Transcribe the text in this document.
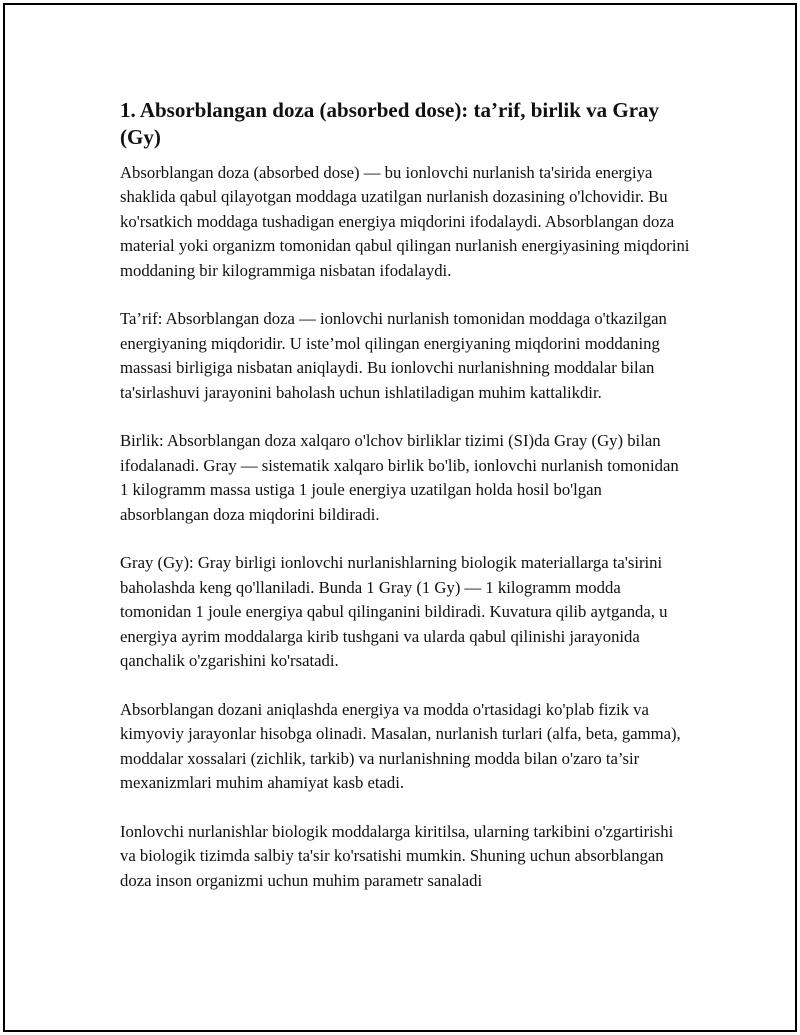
1. Absorblangan doza (absorbed dose): ta’rif, birlik va Gray (Gy)

Absorblangan doza (absorbed dose) — bu ionlovchi nurlanish ta'sirida energiya shaklida qabul qilayotgan moddaga uzatilgan nurlanish dozasining o'lchovidir. Bu ko'rsatkich moddaga tushadigan energiya miqdorini ifodalaydi. Absorblangan doza material yoki organizm tomonidan qabul qilingan nurlanish energiyasining miqdorini moddaning bir kilogrammiga nisbatan ifodalaydi.

Ta’rif: Absorblangan doza — ionlovchi nurlanish tomonidan moddaga o'tkazilgan energiyaning miqdoridir. U iste’mol qilingan energiyaning miqdorini moddaning massasi birligiga nisbatan aniqlaydi. Bu ionlovchi nurlanishning moddalar bilan ta'sirlashuvi jarayonini baholash uchun ishlatiladigan muhim kattalikdir.

Birlik: Absorblangan doza xalqaro o'lchov birliklar tizimi (SI)da Gray (Gy) bilan ifodalanadi. Gray — sistematik xalqaro birlik bo'lib, ionlovchi nurlanish tomonidan 1 kilogramm massa ustiga 1 joule energiya uzatilgan holda hosil bo'lgan absorblangan doza miqdorini bildiradi.

Gray (Gy): Gray birligi ionlovchi nurlanishlarning biologik materiallarga ta'sirini baholashda keng qo'llaniladi. Bunda 1 Gray (1 Gy) — 1 kilogramm modda tomonidan 1 joule energiya qabul qilinganini bildiradi. Kuvatura qilib aytganda, u energiya ayrim moddalarga kirib tushgani va ularda qabul qilinishi jarayonida qanchalik o'zgarishini ko'rsatadi.

Absorblangan dozani aniqlashda energiya va modda o'rtasidagi ko'plab fizik va kimyoviy jarayonlar hisobga olinadi. Masalan, nurlanish turlari (alfa, beta, gamma), moddalar xossalari (zichlik, tarkib) va nurlanishning modda bilan o'zaro ta’sir mexanizmlari muhim ahamiyat kasb etadi.

Ionlovchi nurlanishlar biologik moddalarga kiritilsa, ularning tarkibini o'zgartirishi va biologik tizimda salbiy ta'sir ko'rsatishi mumkin. Shuning uchun absorblangan doza inson organizmi uchun muhim parametr sanaladi
